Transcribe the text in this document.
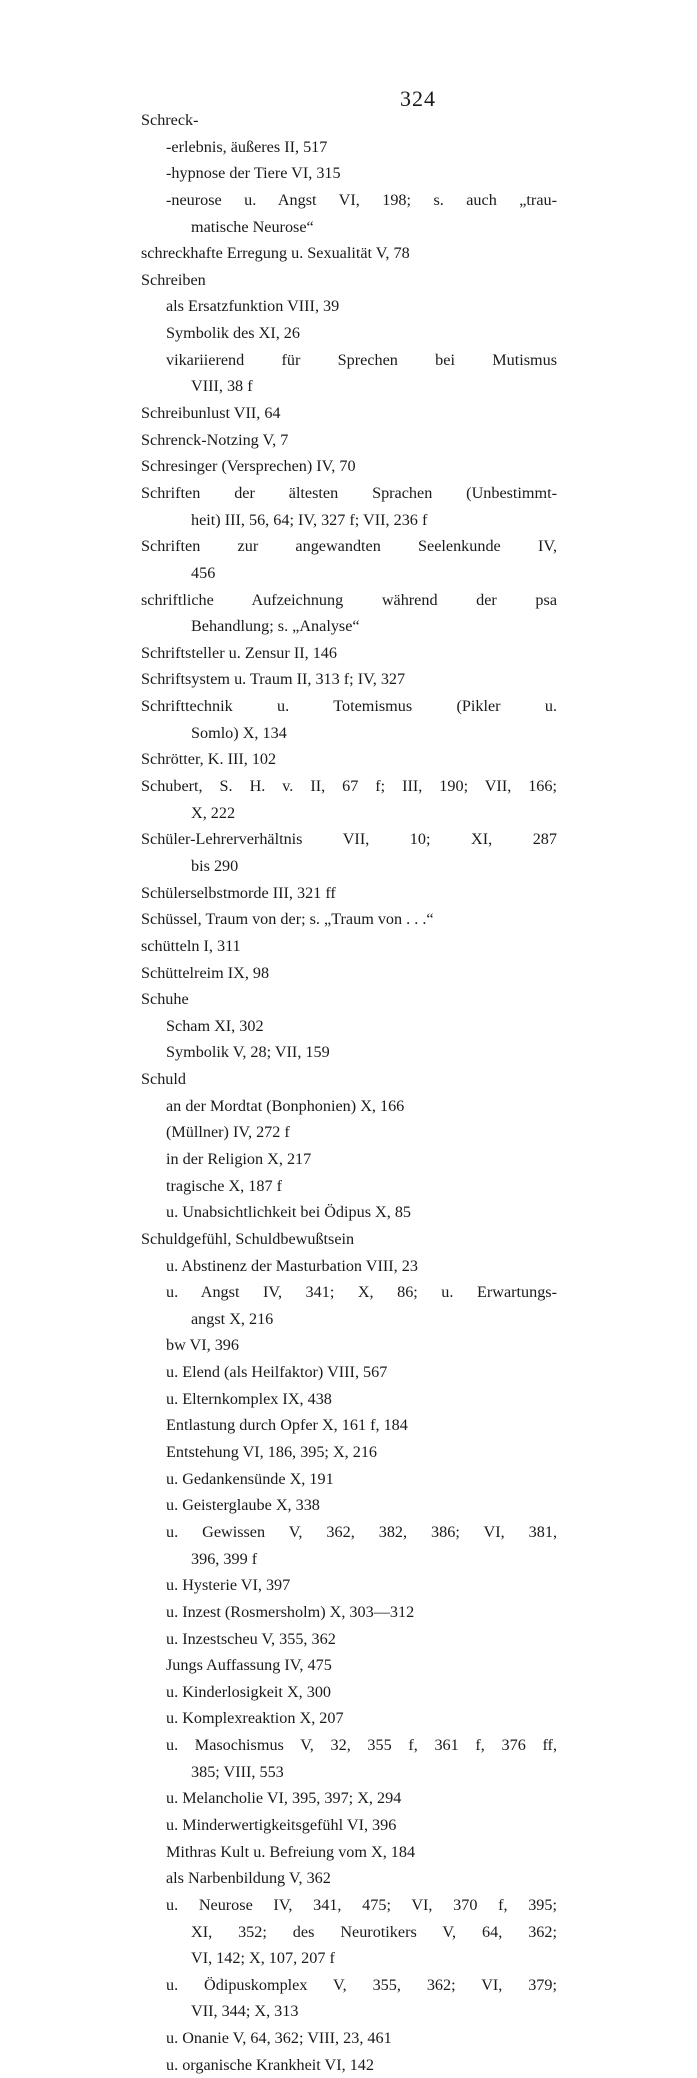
324
Schreck-
-erlebnis, äußeres II, 517
-hypnose der Tiere VI, 315
-neurose u. Angst VI, 198; s. auch „trau-
matische Neurose“
schreckhafte Erregung u. Sexualität V, 78
Schreiben
als Ersatzfunktion VIII, 39
Symbolik des XI, 26
vikariierend für Sprechen bei Mutismus
VIII, 38 f
Schreibunlust VII, 64
Schrenck-Notzing V, 7
Schresinger (Versprechen) IV, 70
Schriften der ältesten Sprachen (Unbestimmt-
heit) III, 56, 64; IV, 327 f; VII, 236 f
Schriften zur angewandten Seelenkunde IV,
456
schriftliche Aufzeichnung während der psa
Behandlung; s. „Analyse“
Schriftsteller u. Zensur II, 146
Schriftsystem u. Traum II, 313 f; IV, 327
Schrifttechnik u. Totemismus (Pikler u.
Somlo) X, 134
Schrötter, K. III, 102
Schubert, S. H. v. II, 67 f; III, 190; VII, 166;
X, 222
Schüler-Lehrerverhältnis VII, 10; XI, 287
bis 290
Schülerselbstmorde III, 321 ff
Schüssel, Traum von der; s. „Traum von . . .“
schütteln I, 311
Schüttelreim IX, 98
Schuhe
Scham XI, 302
Symbolik V, 28; VII, 159
Schuld
an der Mordtat (Bonphonien) X, 166
(Müllner) IV, 272 f
in der Religion X, 217
tragische X, 187 f
u. Unabsichtlichkeit bei Ödipus X, 85
Schuldgefühl, Schuldbewußtsein
u. Abstinenz der Masturbation VIII, 23
u. Angst IV, 341; X, 86; u. Erwartungs-
angst X, 216
bw VI, 396
u. Elend (als Heilfaktor) VIII, 567
u. Elternkomplex IX, 438
Entlastung durch Opfer X, 161 f, 184
Entstehung VI, 186, 395; X, 216
u. Gedankensünde X, 191
u. Geisterglaube X, 338
u. Gewissen V, 362, 382, 386; VI, 381,
396, 399 f
u. Hysterie VI, 397
u. Inzest (Rosmersholm) X, 303—312
u. Inzestscheu V, 355, 362
Jungs Auffassung IV, 475
u. Kinderlosigkeit X, 300
u. Komplexreaktion X, 207
u. Masochismus V, 32, 355 f, 361 f, 376 ff,
385; VIII, 553
u. Melancholie VI, 395, 397; X, 294
u. Minderwertigkeitsgefühl VI, 396
Mithras Kult u. Befreiung vom X, 184
als Narbenbildung V, 362
u. Neurose IV, 341, 475; VI, 370 f, 395;
XI, 352; des Neurotikers V, 64, 362;
VI, 142; X, 107, 207 f
u. Ödipuskomplex V, 355, 362; VI, 379;
VII, 344; X, 313
u. Onanie V, 64, 362; VIII, 23, 461
u. organische Krankheit VI, 142
